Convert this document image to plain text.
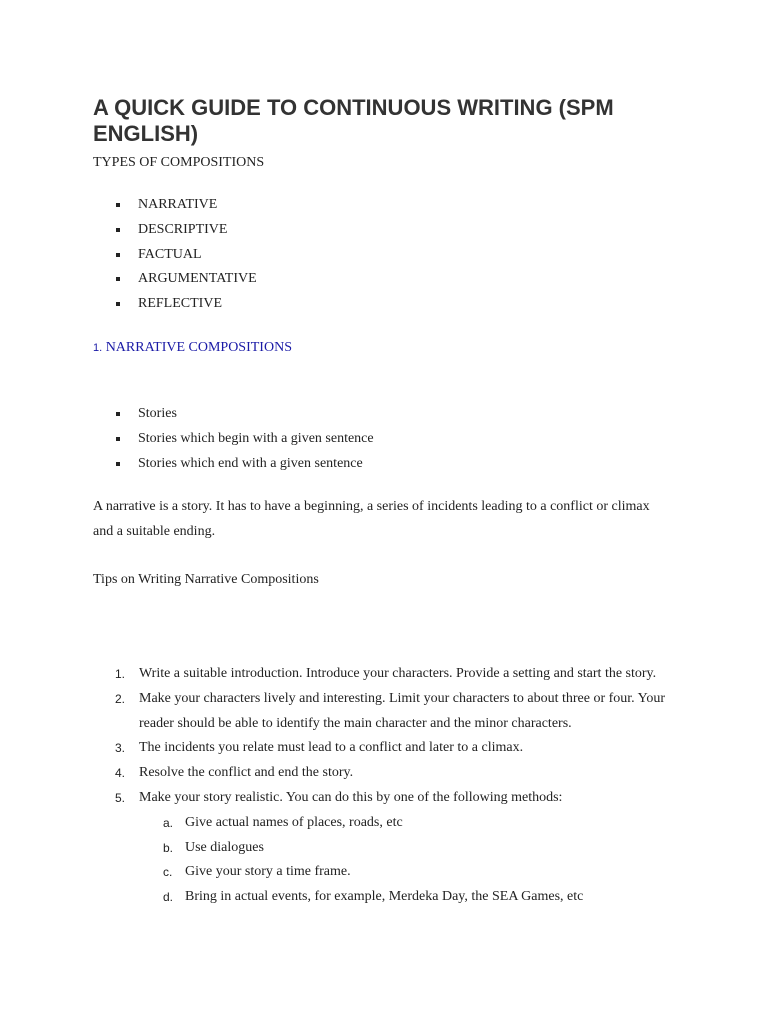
A QUICK GUIDE TO CONTINUOUS WRITING (SPM ENGLISH)
TYPES OF COMPOSITIONS
NARRATIVE
DESCRIPTIVE
FACTUAL
ARGUMENTATIVE
REFLECTIVE
1. NARRATIVE COMPOSITIONS
Stories
Stories which begin with a given sentence
Stories which end with a given sentence

A narrative is a story. It has to have a beginning, a series of incidents leading to a conflict or climax and a suitable ending.

Tips on Writing Narrative Compositions

1. Write a suitable introduction. Introduce your characters. Provide a setting and start the story.
2. Make your characters lively and interesting. Limit your characters to about three or four. Your reader should be able to identify the main character and the minor characters.
3. The incidents you relate must lead to a conflict and later to a climax.
4. Resolve the conflict and end the story.
5. Make your story realistic. You can do this by one of the following methods:
a. Give actual names of places, roads, etc
b. Use dialogues
c. Give your story a time frame.
d. Bring in actual events, for example, Merdeka Day, the SEA Games, etc
